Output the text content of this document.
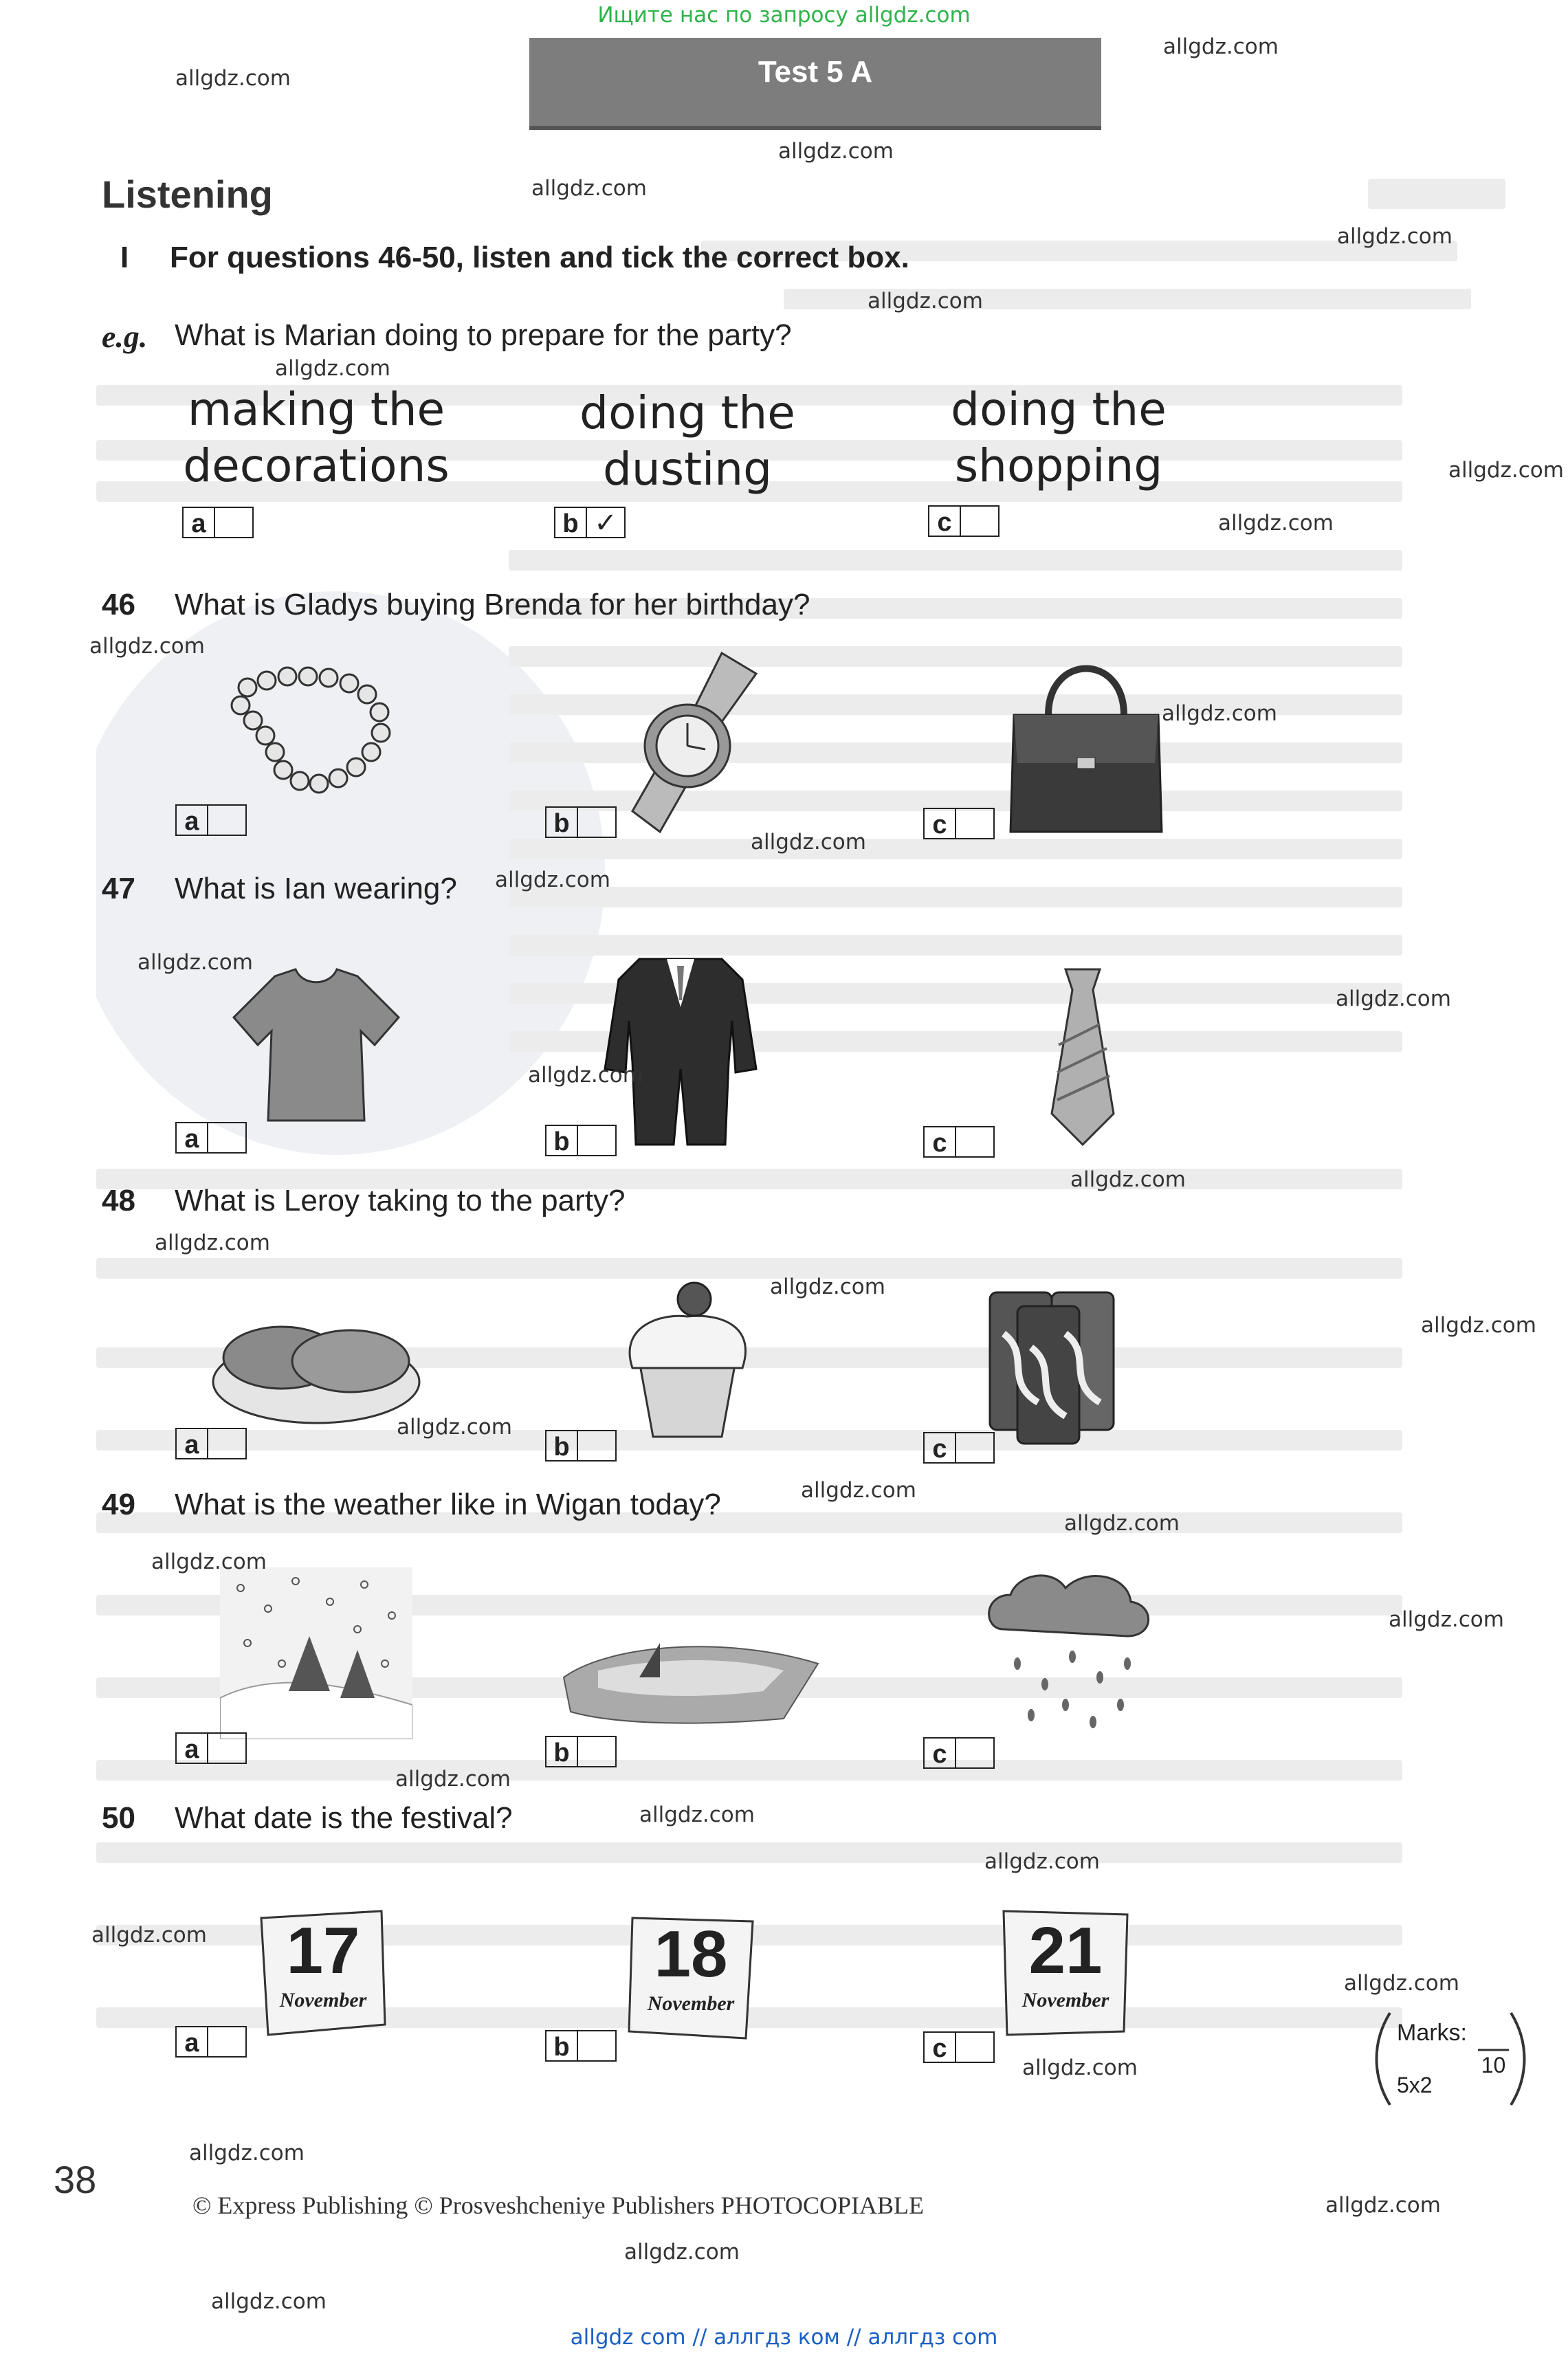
Ищите нас по запросу allgdz.com
allgdz com // аллгдз ком // аллгдз com
Test 5 A
Listening
I For questions 46-50, listen and tick the correct box.
e.g. What is Marian doing to prepare for the party?
making the
decorations
doing the
dusting
doing the
shopping
a	b ✓	c
46 What is Gladys buying Brenda for her birthday?
a	b	c
47 What is Ian wearing?
a	b	c
48 What is Leroy taking to the party?
a	b	c
49 What is the weather like in Wigan today?
a	b	c
50 What date is the festival?
17
November
18
November
21
November
a	b	c
Marks:
10
5x2
38
© Express Publishing © Prosveshcheniye Publishers PHOTOCOPIABLE
allgdz.com
allgdz.com
allgdz.com
allgdz.com
allgdz.com
allgdz.com
allgdz.com
allgdz.com
allgdz.com
allgdz.com
allgdz.com
allgdz.com
allgdz.com
allgdz.com
allgdz.com
allgdz.com
allgdz.com
allgdz.com
allgdz.com
allgdz.com
allgdz.com
allgdz.com
allgdz.com
allgdz.com
allgdz.com
allgdz.com
allgdz.com
allgdz.com
allgdz.com
allgdz.com
allgdz.com
allgdz.com
allgdz.com
allgdz.com
allgdz.com
